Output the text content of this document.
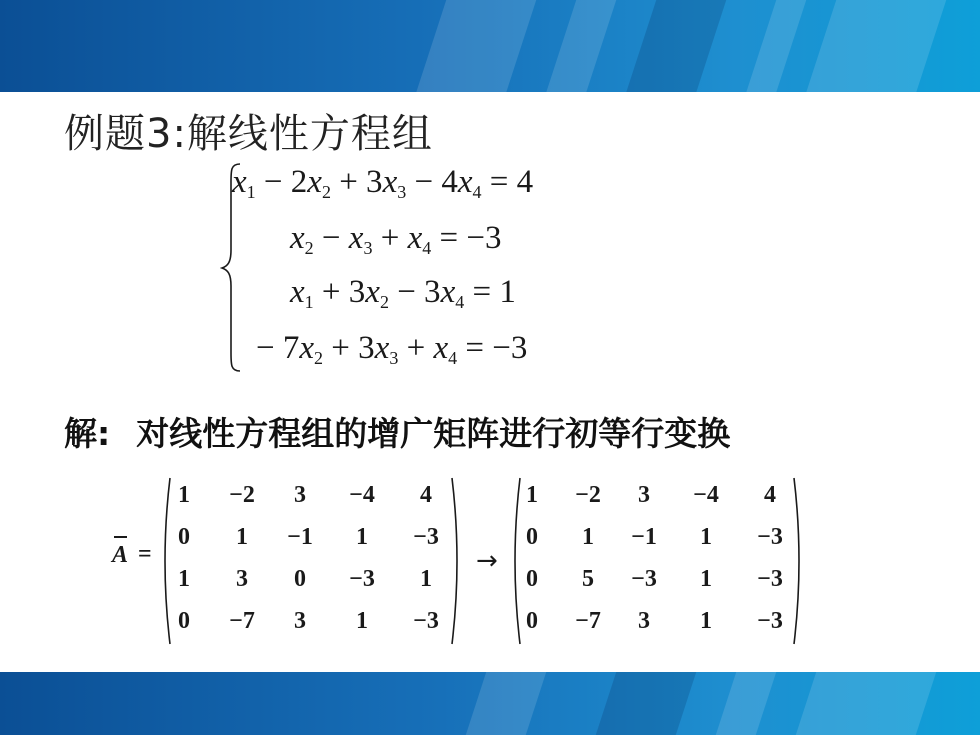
例题3:解线性方程组
$x_1 - 2x_2 + 3x_3 - 4x_4 = 4$
$x_2 - x_3 + x_4 = -3$
$x_1 + 3x_2 - 3x_4 = 1$
− $7x_2 + 3x_3 + x_4 = -3$
解: 对线性方程组的增广矩阵进行初等行变换
A =
1	−2	3	−4	4
0	1	−1	1	−3
1	3	0	−3	1
0	−7	3	1	−3
→
1	−2	3	−4	4
0	1	−1	1	−3
0	5	−3	1	−3
0	−7	3	1	−3
